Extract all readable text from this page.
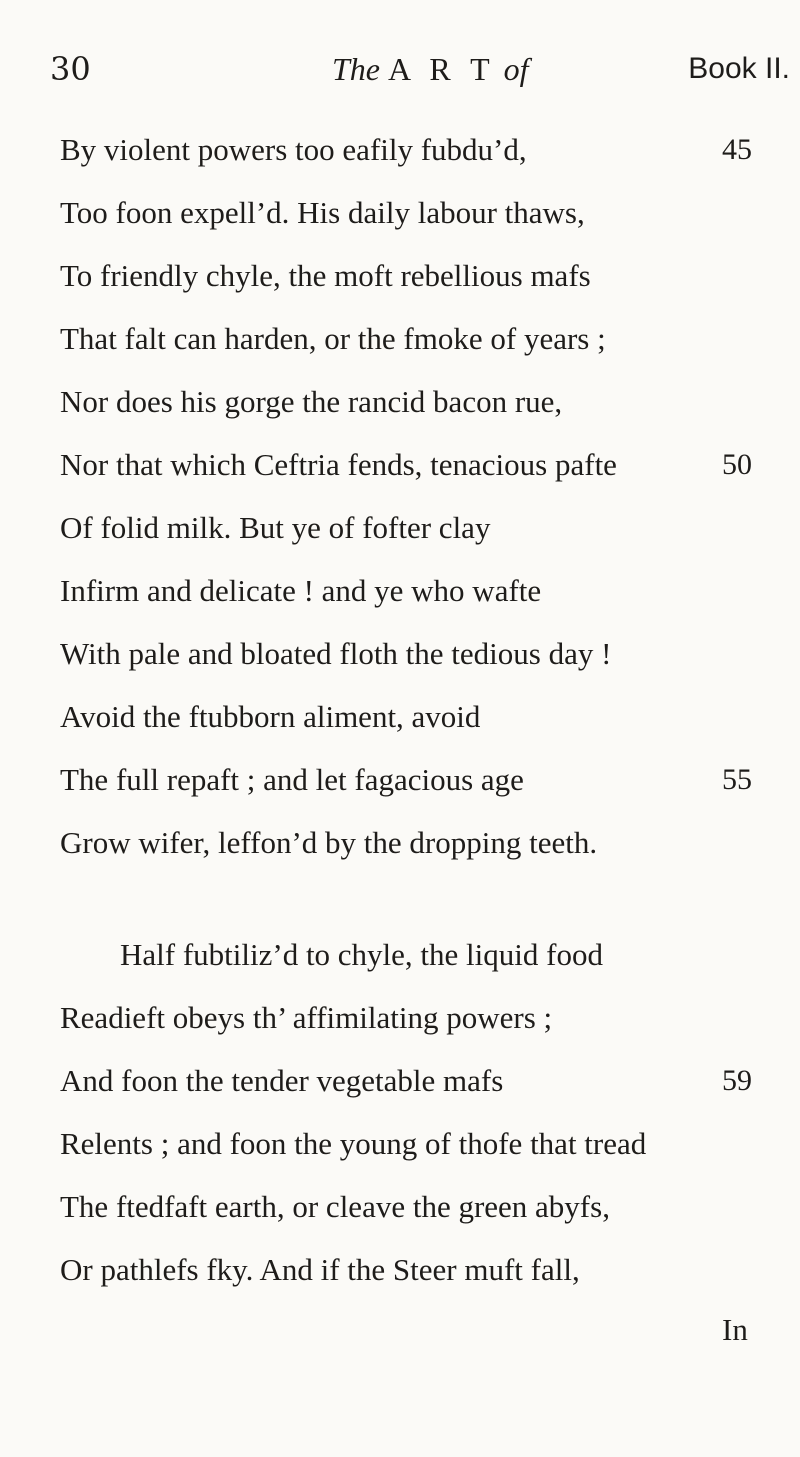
30	The A R T of	Book II.
By violent powers too eafily fubdu’d,	45
Too foon expell’d. His daily labour thaws,
To friendly chyle, the moft rebellious mafs
That falt can harden, or the fmoke of years ;
Nor does his gorge the rancid bacon rue,
Nor that which Ceftria fends, tenacious pafte	50
Of folid milk. But ye of fofter clay
Infirm and delicate ! and ye who wafte
With pale and bloated floth the tedious day !
Avoid the ftubborn aliment, avoid
The full repaft ; and let fagacious age	55
Grow wifer, leffon’d by the dropping teeth.
Half fubtiliz’d to chyle, the liquid food
Readieft obeys th’ affimilating powers ;
And foon the tender vegetable mafs	59
Relents ; and foon the young of thofe that tread
The ftedfaft earth, or cleave the green abyfs,
Or pathlefs fky. And if the Steer muft fall,
In
